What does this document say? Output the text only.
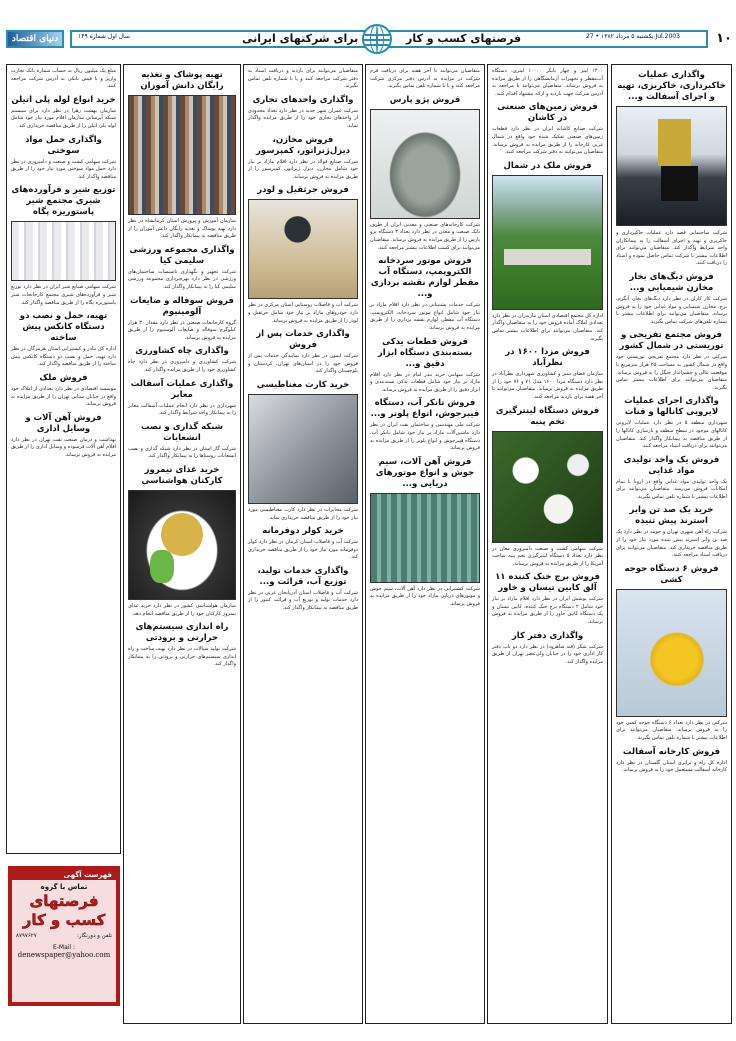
دنیای اقتصاد	سال اول شماره ۱۴۹	برای شرکتهای ایرانی	فرصتهای کسب و کار	یکشنبه ۵ مرداد ۱۳۸۲ • 27 Jul.2003	۱۰
واگذاری عملیات خاکبرداری، خاکریزی، تهیه و اجرای آسفالت و...

شرکت ساختمانی قصد دارد عملیات خاکبرداری و خاکریزی و تهیه و اجرای آسفالت را به پیمانکاران واجد شرایط واگذار کند. متقاضیان می‌توانند برای اطلاعات بیشتر با شرکت تماس حاصل نموده و اسناد را دریافت کنند.

فروش دیگ‌های بخار مخازن شیمیایی و...

شرکت کار کاران در نظر دارد دیگ‌های بخار، آبگرم، برج، مخازن شیمیایی و مواد غذایی خود را به فروش برساند. متقاضیان می‌توانند برای اطلاعات بیشتر با شماره تلفن‌های شرکت تماس بگیرند.

فروش مجتمع تفریحی و توریستی در شمال کشور

شرکتی در نظر دارد مجتمع تفریحی توریستی خود واقع در شمال کشور به مساحت ۲۵ هزار مترمربع با موقعیت عالی و چشم‌انداز جنگل را به فروش برساند. متقاضیان می‌توانند برای اطلاعات بیشتر تماس بگیرند.

واگذاری اجرای عملیات لایروبی کانالها و قنات

شهرداری منطقه ۵ در نظر دارد عملیات لایروبی کانالهای موجود در سطح منطقه و بازسازی کانالها را از طریق مناقصه به پیمانکار واگذار کند. متقاضیان می‌توانند برای دریافت اسناد مراجعه کنند.

فروش یک واحد تولیدی مواد غذایی

یک واحد تولیدی مواد غذایی واقع در اروپا با تمام امکانات فروش می‌رسد. متقاضیان می‌توانند برای اطلاعات بیشتر با شماره تلفن تماس بگیرند.

خرید یک صد تن وایر استرند پیش تنیده

شرکت راه آهن شهری تهران و حومه در نظر دارد یک صد تن وایر استرند پیش تنیده مورد نیاز خود را از طریق مناقصه خریداری کند. متقاضیان می‌توانند برای دریافت اسناد مراجعه کنند.

فروش ۶ دستگاه جوجه کشی

شرکتی در نظر دارد تعداد ۶ دستگاه جوجه کشی خود را به فروش برساند. متقاضیان می‌توانند برای اطلاعات بیشتر با شماره تلفن تماس بگیرند.

فروش کارخانه آسفالت

اداره کل راه و ترابری استان گلستان در نظر دارد کارخانه آسفالت مستعمل خود را به فروش برساند.

۱۴۰۰ لیتر و چهار تانکر ۱۰۰۰۰ لیتری، دستگاه آب‌مقطر و تجهیزات آزمایشگاهی را از طریق مزایده به فروش برساند. متقاضیان می‌توانند با مراجعه به آدرس شرکت جهت بازدید و ارائه پیشنهاد اقدام کنند.

فروش زمین‌های صنعتی در کاشان

شرکت صنایع کاشانه ایران در نظر دارد قطعات زمین‌های صنعتی تفکیک شده خود واقع در شمال غربی کارخانه را از طریق مزایده به فروش برساند. متقاضیان می‌توانند به دفتر شرکت مراجعه کنند.

فروش ملک در شمال

اداره کل مجتمع اقتصادی استان مازندران در نظر دارد تعدادی املاک آماده فروش خود را به متقاضیان واگذار کند. متقاضیان می‌توانند برای اطلاعات بیشتر تماس بگیرند.

فروش مزدا ۱۶۰۰ در نظرآباد

سازمان فضای سبز و کشاورزی شهرداری نظرآباد در نظر دارد دستگاه مزدا ۱۶۰۰ مدل ۷۱ و ۷۶ خود را از طریق مزایده به فروش برساند. متقاضیان می‌توانند تا آخر هفته برای بازدید مراجعه کنند.

فروش دستگاه لینترگیری تخم پنبه

شرکت سهامی کشت و صنعت دامپروری مغان در نظر دارد تعداد ۵ دستگاه لینترگیری تخم پنبه ساخت آمریکا را از طریق مزایده به فروش برساند.

فروش برج خنک کننده ۱۱ آلق کابین تیسان و خاور

شرکت پوشش ایران در نظر دارد اقلام مازاد بر نیاز خود شامل ۲ دستگاه برج خنک کننده، کابین تیسان و یک دستگاه کابین خاور را از طریق مزایده به فروش برساند.

واگذاری دفتر کار

شرکت شکر (قند شاهرود) در نظر دارد دو باب دفتر کار اداری خود را در خیابان ولی‌عصر تهران از طریق مزایده واگذار کند.

متقاضیان می‌توانند تا آخر هفته برای دریافت فرم شرکت در مزایده به آدرس دفتر مرکزی شرکت مراجعه کنند و یا با شماره تلفن تماس بگیرند.

فروش پژو پارس

شرکت کارخانه‌های صنعتی و معدنی ایران از طرف بانک صنعت و معدن در نظر دارد تعداد ۳ دستگاه پژو پارس را از طریق مزایده به فروش برساند. متقاضیان می‌توانند برای کسب اطلاعات بیشتر مراجعه کنند.

فروش موتور سردخانه الکتروپمپ، دستگاه آب مقطر لوازم نقشه برداری و...

شرکت خدمات پشتیبانی در نظر دارد اقلام مازاد بر نیاز خود شامل انواع موتور سردخانه، الکتروپمپ، دستگاه آب مقطر، لوازم نقشه برداری را از طریق مزایده به فروش برساند.

فروش قطعات یدکی بسته‌بندی دستگاه ابزار دقیق و...

شرکت سهامی خرید بندر امام در نظر دارد اقلام مازاد بر نیاز خود شامل قطعات یدکی بسته‌بندی و ابزار دقیق را از طریق مزایده به فروش برساند.

فروش تانکر آب، دستگاه فیبرجوش، انواع پلوتر و...

شرکت ملی مهندسی و ساختمان نفت ایران در نظر دارد ماشین‌آلات مازاد بر نیاز خود شامل تانکر آب، دستگاه فیبرجوش و انواع پلوتر را از طریق مزایده به فروش برساند.

فروش آهن آلات، سیم جوش و انواع موتورهای دریایی و...

شرکت کشتیرانی در نظر دارد آهن آلات، سیم جوش و موتورهای دریایی مازاد خود را از طریق مزایده به فروش برساند.

متقاضیان می‌توانند برای بازدید و دریافت اسناد به دفتر شرکت مراجعه کنند و یا با شماره تلفن تماس بگیرند.

واگذاری واحدهای تجاری

شرکت عمران شهر جدید در نظر دارد تعداد محدودی از واحدهای تجاری خود را از طریق مزایده واگذار نماید.

فروش مخازن، دیزل‌ژنراتور، کمپرسور

شرکت صنایع فولاد در نظر دارد اقلام مازاد بر نیاز خود شامل مخازن، دیزل ژنراتور، کمپرسور را از طریق مزایده به فروش برساند.

فروش جرثقیل و لودر

شرکت آب و فاضلاب روستایی استان مرکزی در نظر دارد خودروهای مازاد بر نیاز خود شامل جرثقیل و لودر را از طریق مزایده به فروش برساند.

واگذاری خدمات پس از فروش

شرکت ایمون در نظر دارد نمایندگی خدمات پس از فروش خود را در استان‌های تهران، کردستان و بلوچستان واگذار کند.

خرید کارت مغناطیسی

شرکت مخابرات در نظر دارد کارت مغناطیسی مورد نیاز خود را از طریق مناقصه خریداری نماید.

خرید کولر دوفرمانه

شرکت آب و فاضلاب استان کرمان در نظر دارد کولر دوفرمانه مورد نیاز خود را از طریق مناقصه خریداری کند.

واگذاری خدمات تولید، توزیع آب، قرائت و...

شرکت آب و فاضلاب استان آذربایجان غربی در نظر دارد خدمات تولید و توزیع آب و قرائت کنتور را از طریق مناقصه به پیمانکار واگذار کند.

تهیه پوشاک و تغذیه رایگان دانش آموزان

سازمان آموزش و پرورش استان کرمانشاه در نظر دارد تهیه پوشاک و تغذیه رایگان دانش آموزان را از طریق مناقصه به پیمانکار واگذار کند.

واگذاری مجموعه ورزشی سلیمی کیا

شرکت تجهیز و نگهداری تاسیسات ساختمان‌های ورزشی در نظر دارد بهره‌برداری مجموعه ورزشی سلیمی کیا را به پیمانکار واگذار کند.

فروش سوفاله و ضایعات آلومینیوم

گروه کارخانجات صنعتی در نظر دارد مقدار ۳۰ هزار کیلوگرم سوفاله و ضایعات آلومینیوم را از طریق مزایده به فروش برساند.

واگذاری چاه کشاورزی

شرکت کشاورزی و دامپروری در نظر دارد چاه کشاورزی خود را از طریق مزایده واگذار کند.

واگذاری عملیات آسفالت معابر

شهرداری در نظر دارد انجام عملیات آسفالت معابر را به پیمانکار واجد شرایط واگذار کند.

شبکه گذاری و نصب انشعابات

شرکت گاز استان در نظر دارد شبکه گذاری و نصب انشعابات روستاها را به پیمانکار واگذار کند.

خرید غذای نیمروز کارکنان هواشناسی

سازمان هواشناسی کشور در نظر دارد خرید غذای نیمروز کارکنان خود را از طریق مناقصه انجام دهد.

راه اندازی سیستم‌های حرارتی و برودتی

شرکت تولید سیالات در نظر دارد تهیه، ساخت و راه اندازی سیستم‌های حرارتی و برودتی را به پیمانکار واگذار کند.

مبلغ یک میلیون ریال به حساب شماره بانک تجارت واریز و با فیش بانکی به آدرس شرکت مراجعه کنند.

خرید انواع لوله پلی اتیلن

سازمان بهشت زهرا در نظر دارد برای سیستم شبکه آبرسانی سازمان اقلام مورد نیاز خود شامل لوله پلی اتیلن را از طریق مناقصه خریداری کند.

واگذاری حمل مواد سوختی

شرکت سهامی کشت و صنعت و دامپروری در نظر دارد حمل مواد سوختی مورد نیاز خود را از طریق مناقصه واگذار کند.

توزیع شیر و فرآورده‌های شیری مجتمع شیر پاستوریزه پگاه

شرکت سهامی صنایع شیر ایران در نظر دارد توزیع شیر و فرآورده‌های شیری مجتمع کارخانجات شیر پاستوریزه پگاه را از طریق مناقصه واگذار کند.

تهیه، حمل و نصب دو دستگاه کانکس پیش ساخته

اداره کل بنادر و کشتیرانی استان هرمزگان در نظر دارد تهیه، حمل و نصب دو دستگاه کانکس پیش ساخته را از طریق مناقصه واگذار کند.

فروش ملک

موسسه اقتصادی در نظر دارد تعدادی از املاک خود واقع در خیابان سنایی تهران را از طریق مزایده به فروش برساند.

فروش آهن آلات و وسایل اداری

بهداشت و درمان صنعت نفت تهران در نظر دارد اقلام آهن آلات فرسوده و وسایل اداری را از طریق مزایده به فروش برساند.

فهرست آگهی
تماس با گروه
فرصتهای
کسب و کار
تلفن و دورنگار:
۸۷۹۷۶۲۷
E-Mail :
denewspaper@yahoo.com
